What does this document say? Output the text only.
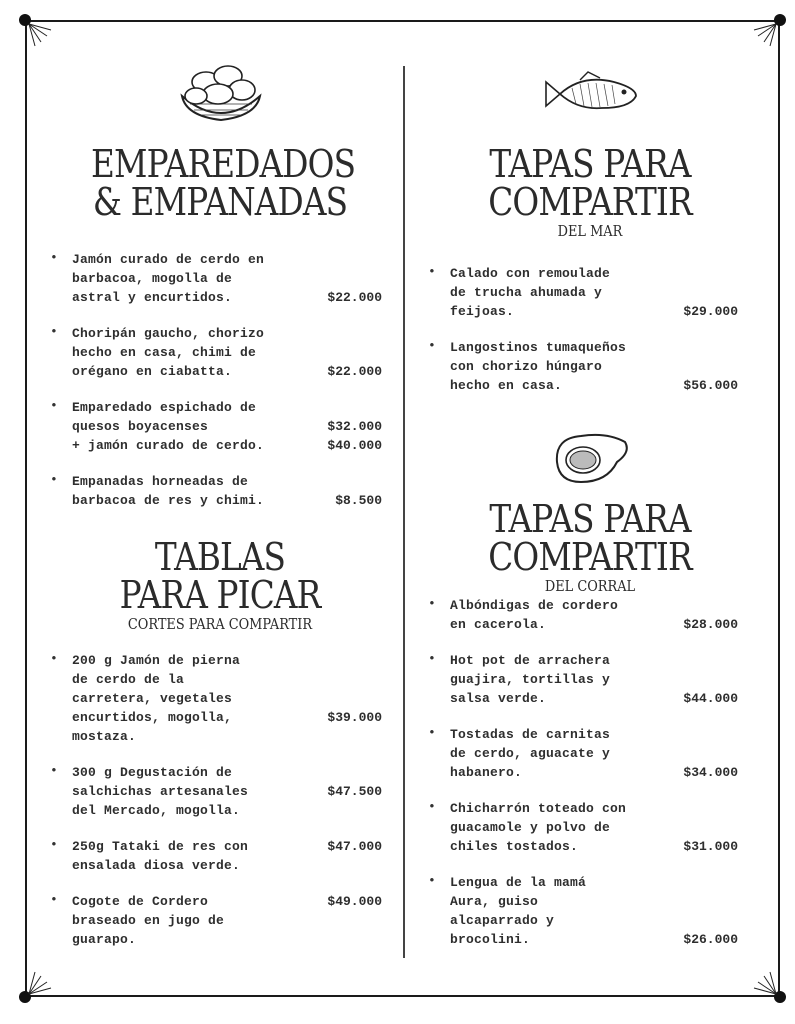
EMPAREDADOS
& EMPANADAS
• Jamón curado de cerdo en
barbacoa, mogolla de
astral y encurtidos.	$22.000
• Choripán gaucho, chorizo
hecho en casa, chimi de
orégano en ciabatta.	$22.000
• Emparedado espichado de
quesos boyacenses
+ jamón curado de cerdo.
$32.000
$40.000
• Empanadas horneadas de
barbacoa de res y chimi.	$8.500
TABLAS
PARA PICAR
CORTES PARA COMPARTIR
• 200 g Jamón de pierna
de cerdo de la
carretera, vegetales
encurtidos, mogolla,
mostaza.
$39.000
• 300 g Degustación de
salchichas artesanales
del Mercado, mogolla.
$47.500
• 250g Tataki de res con
ensalada diosa verde.
$47.000
• Cogote de Cordero
braseado en jugo de
guarapo.
$49.000
TAPAS PARA
COMPARTIR
DEL MAR
• Calado con remoulade
de trucha ahumada y
feijoas.	$29.000
• Langostinos tumaqueños
con chorizo húngaro
hecho en casa.	$56.000
TAPAS PARA
COMPARTIR
DEL CORRAL
• Albóndigas de cordero
en cacerola.	$28.000
• Hot pot de arrachera
guajira, tortillas y
salsa verde.	$44.000
• Tostadas de carnitas
de cerdo, aguacate y
habanero.	$34.000
• Chicharrón toteado con
guacamole y polvo de
chiles tostados.	$31.000
• Lengua de la mamá
Aura, guiso
alcaparrado y
brocolini.	$26.000
